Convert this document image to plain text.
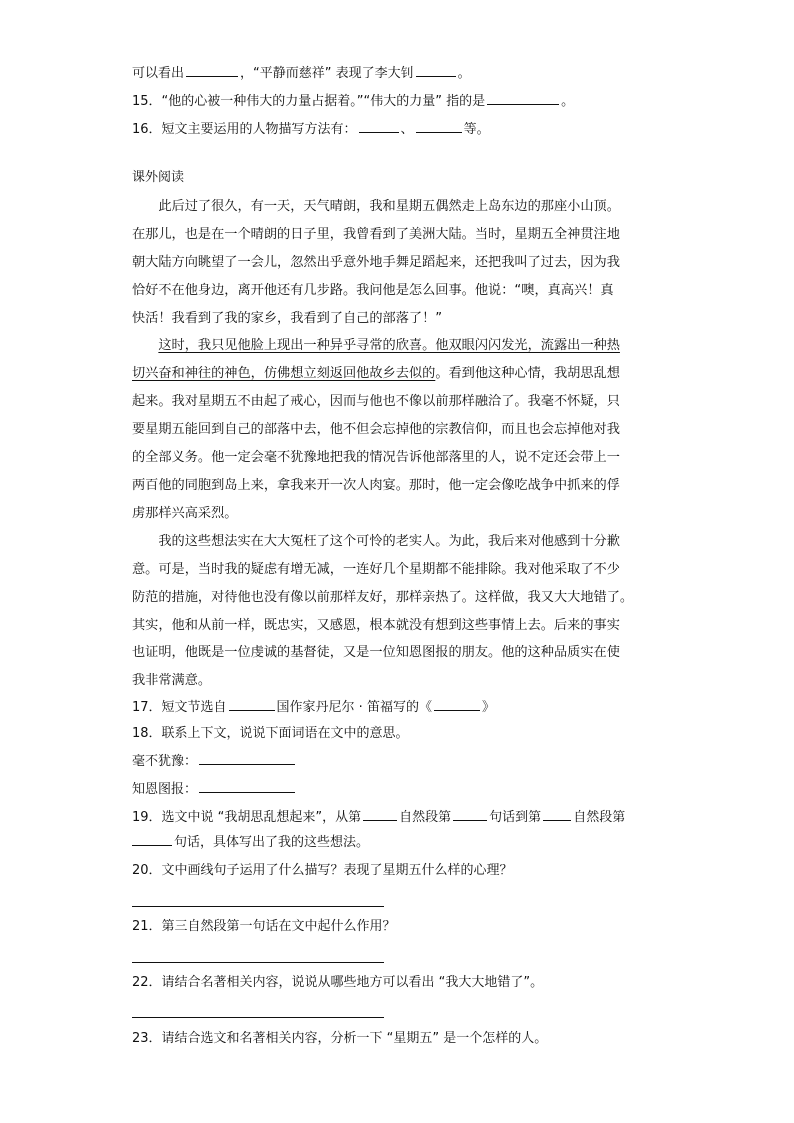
可以看出	，“平静而慈祥” 表现了李大钊	。
15．“他的心被一种伟大的力量占据着。”“伟大的力量” 指的是	。
16．短文主要运用的人物描写方法有：	、	等。
课外阅读
　　此后过了很久，有一天，天气晴朗，我和星期五偶然走上岛东边的那座小山顶。
在那儿，也是在一个晴朗的日子里，我曾看到了美洲大陆。当时，星期五全神贯注地
朝大陆方向眺望了一会儿，忽然出乎意外地手舞足蹈起来，还把我叫了过去，因为我
恰好不在他身边，离开他还有几步路。我问他是怎么回事。他说：“噢，真高兴！真
快活！我看到了我的家乡，我看到了自己的部落了！”
　　这时，我只见他脸上现出一种异乎寻常的欣喜。他双眼闪闪发光，流露出一种热
切兴奋和神往的神色，仿佛想立刻返回他故乡去似的。看到他这种心情，我胡思乱想
起来。我对星期五不由起了戒心，因而与他也不像以前那样融洽了。我毫不怀疑，只
要星期五能回到自己的部落中去，他不但会忘掉他的宗教信仰，而且也会忘掉他对我
的全部义务。他一定会毫不犹豫地把我的情况告诉他部落里的人，说不定还会带上一
两百他的同胞到岛上来，拿我来开一次人肉宴。那时，他一定会像吃战争中抓来的俘
虏那样兴高采烈。
　　我的这些想法实在大大冤枉了这个可怜的老实人。为此，我后来对他感到十分歉
意。可是，当时我的疑虑有增无减，一连好几个星期都不能排除。我对他采取了不少
防范的措施，对待他也没有像以前那样友好，那样亲热了。这样做，我又大大地错了。
其实，他和从前一样，既忠实，又感恩，根本就没有想到这些事情上去。后来的事实
也证明，他既是一位虔诚的基督徒，又是一位知恩图报的朋友。他的这种品质实在使
我非常满意。
17．短文节选自	国作家丹尼尔 · 笛福写的《	》
18．联系上下文，说说下面词语在文中的意思。
毫不犹豫：
知恩图报：
19．选文中说 “我胡思乱想起来”，从第	自然段第	句话到第 自然段第
句话，具体写出了我的这些想法。
20．文中画线句子运用了什么描写？表现了星期五什么样的心理？
21．第三自然段第一句话在文中起什么作用？
22．请结合名著相关内容，说说从哪些地方可以看出 “我大大地错了”。
23．请结合选文和名著相关内容，分析一下 “星期五” 是一个怎样的人。
